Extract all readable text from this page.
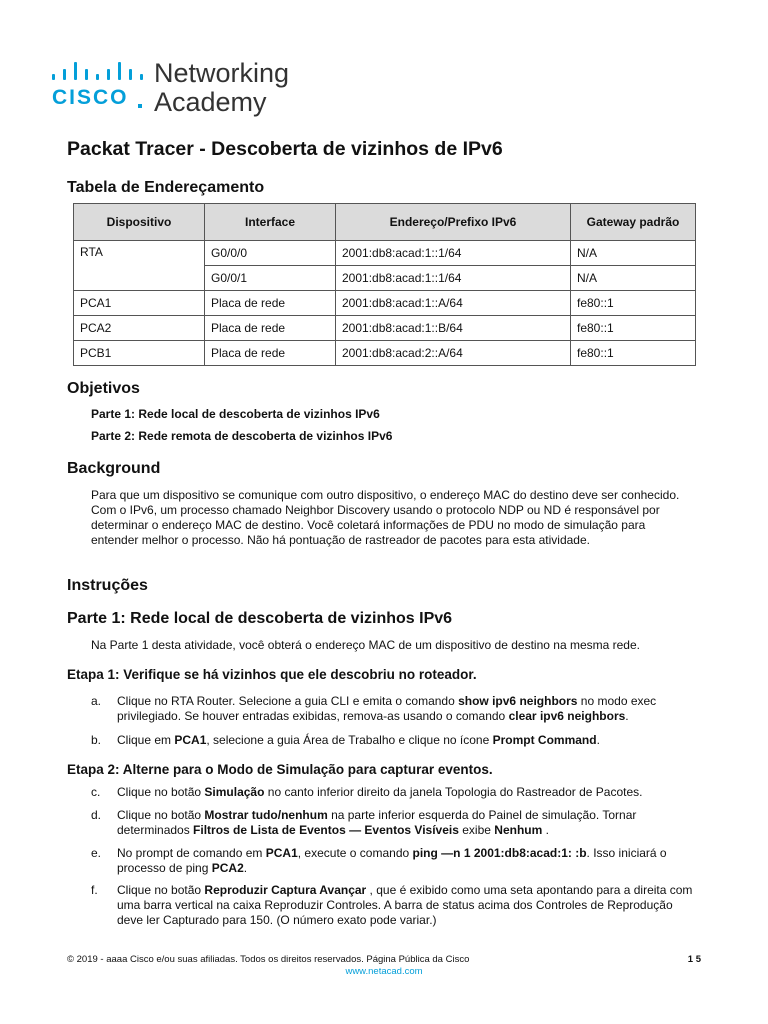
CISCO
Networking
Academy
Packat Tracer - Descoberta de vizinhos de IPv6
Tabela de Endereçamento
Dispositivo	Interface	Endereço/Prefixo IPv6	Gateway padrão
RTA	G0/0/0	2001:db8:acad:1::1/64	N/A
	G0/0/1	2001:db8:acad:1::1/64	N/A
PCA1	Placa de rede	2001:db8:acad:1::A/64	fe80::1
PCA2	Placa de rede	2001:db8:acad:1::B/64	fe80::1
PCB1	Placa de rede	2001:db8:acad:2::A/64	fe80::1
Objetivos
Parte 1: Rede local de descoberta de vizinhos IPv6
Parte 2: Rede remota de descoberta de vizinhos IPv6
Background
Para que um dispositivo se comunique com outro dispositivo, o endereço MAC do destino deve ser conhecido. Com o IPv6, um processo chamado Neighbor Discovery usando o protocolo NDP ou ND é responsável por determinar o endereço MAC de destino. Você coletará informações de PDU no modo de simulação para entender melhor o processo. Não há pontuação de rastreador de pacotes para esta atividade.
Instruções
Parte 1: Rede local de descoberta de vizinhos IPv6
Na Parte 1 desta atividade, você obterá o endereço MAC de um dispositivo de destino na mesma rede.
Etapa 1: Verifique se há vizinhos que ele descobriu no roteador.
a.	Clique no RTA Router. Selecione a guia CLI e emita o comando show ipv6 neighbors no modo exec privilegiado. Se houver entradas exibidas, remova-as usando o comando clear ipv6 neighbors.
b.	Clique em PCA1, selecione a guia Área de Trabalho e clique no ícone Prompt Command.
Etapa 2: Alterne para o Modo de Simulação para capturar eventos.
c.	Clique no botão Simulação no canto inferior direito da janela Topologia do Rastreador de Pacotes.
d.	Clique no botão Mostrar tudo/nenhum na parte inferior esquerda do Painel de simulação. Tornar determinados Filtros de Lista de Eventos — Eventos Visíveis exibe Nenhum .
e.	No prompt de comando em PCA1, execute o comando ping —n 1 2001:db8:acad:1: :b. Isso iniciará o processo de ping PCA2.
f.	Clique no botão Reproduzir Captura Avançar , que é exibido como uma seta apontando para a direita com uma barra vertical na caixa Reproduzir Controles. A barra de status acima dos Controles de Reprodução deve ler Capturado para 150. (O número exato pode variar.)
© 2019 - aaaa Cisco e/ou suas afiliadas. Todos os direitos reservados. Página Pública da Cisco	1 5
www.netacad.com
